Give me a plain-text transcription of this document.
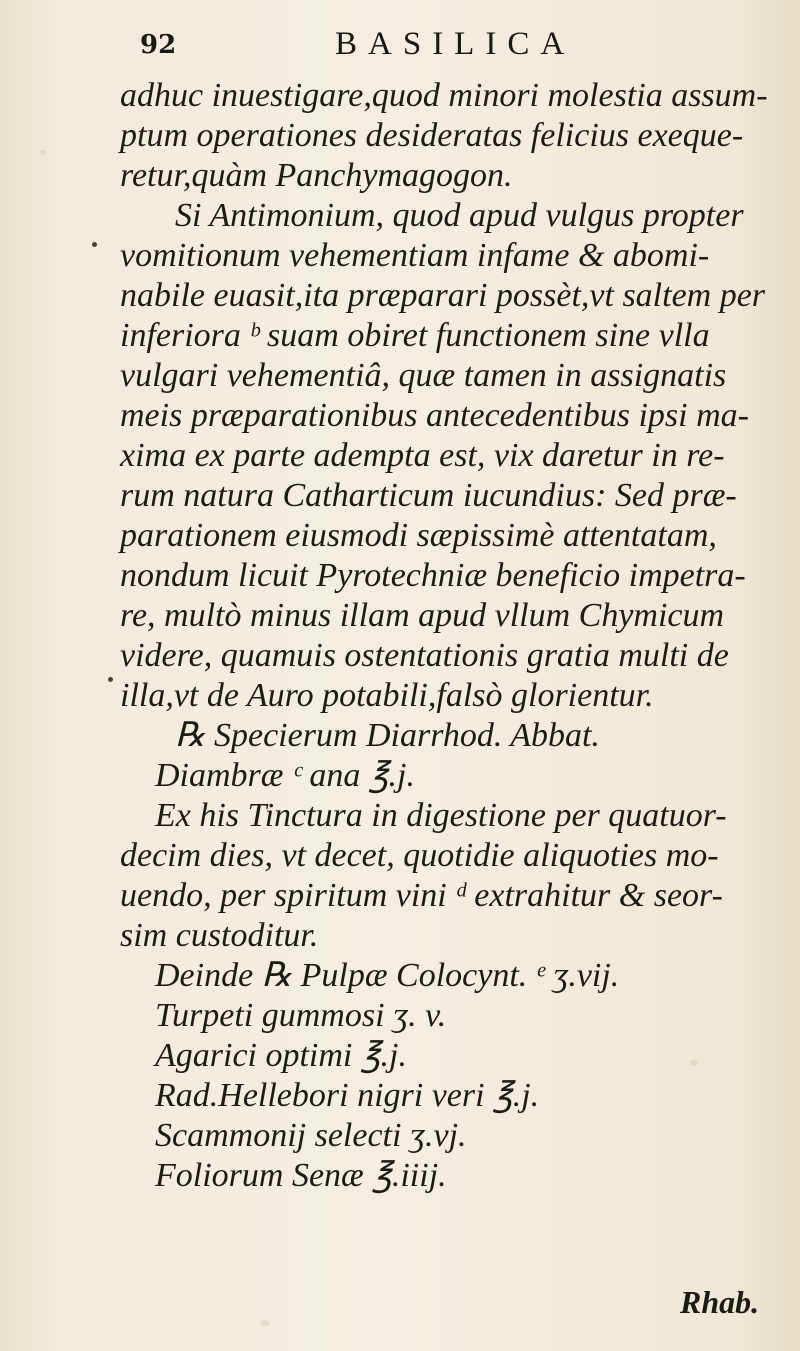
92	BASILICA
adhuc inuestigare,quod minori molestia assum-
ptum operationes desideratas felicius exeque-
retur,quàm Panchymagogon.
Si Antimonium, quod apud vulgus propter
vomitionum vehementiam infame & abomi-
nabile euasit,ita præparari possèt,vt saltem per
inferiora ᵇ suam obiret functionem sine vlla
vulgari vehementiâ, quæ tamen in assignatis
meis præparationibus antecedentibus ipsi ma-
xima ex parte adempta est, vix daretur in re-
rum natura Catharticum iucundius: Sed præ-
parationem eiusmodi sæpissimè attentatam,
nondum licuit Pyrotechniæ beneficio impetra-
re, multò minus illam apud vllum Chymicum
videre, quamuis ostentationis gratia multi de
illa,vt de Auro potabili,falsò glorientur.
℞ Specierum Diarrhod. Abbat.
Diambræ ᶜ ana ℥.j.
Ex his Tinctura in digestione per quatuor-
decim dies, vt decet, quotidie aliquoties mo-
uendo, per spiritum vini ᵈ extrahitur & seor-
sim custoditur.
Deinde ℞ Pulpæ Colocynt. ᵉ ʒ.vij.
Turpeti gummosi ʒ. v.
Agarici optimi ℥.j.
Rad.Hellebori nigri veri ℥.j.
Scammonij selecti ʒ.vj.
Foliorum Senæ ℥.iiij.
Rhab.
